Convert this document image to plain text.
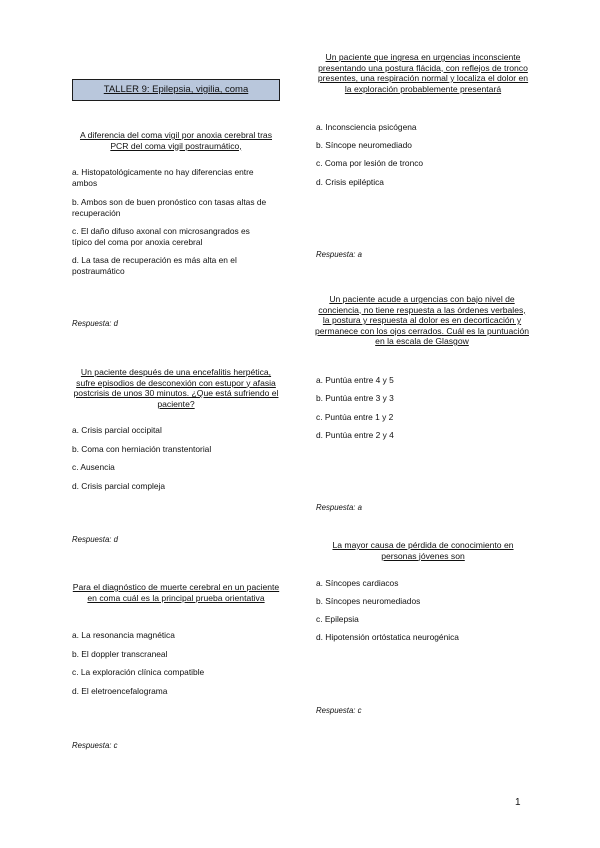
TALLER 9: Epilepsia, vigilia, coma
A diferencia del coma vigil por anoxia cerebral tras PCR del coma vigil postraumático,
a. Histopatológicamente no hay diferencias entre ambos
b. Ambos son de buen pronóstico con tasas altas de recuperación
c. El daño difuso axonal con microsangrados es típico del coma por anoxia cerebral
d. La tasa de recuperación es más alta en el postraumático
Respuesta: d
Un paciente después de una encefalitis herpética, sufre episodios de desconexión con estupor y afasia postcrisis de unos 30 minutos. ¿Que está sufriendo el paciente?
a. Crisis parcial occipital
b. Coma con herniación transtentorial
c. Ausencia
d. Crisis parcial compleja
Respuesta: d
Para el diagnóstico de muerte cerebral en un paciente en coma cuál es la principal prueba orientativa
a. La resonancia magnética
b. El doppler transcraneal
c. La exploración clínica compatible
d. El eletroencefalograma
Respuesta: c
Un paciente que ingresa en urgencias inconsciente presentando una postura flácida, con reflejos de tronco presentes, una respiración normal y localiza el dolor en la exploración probablemente presentará
a. Inconsciencia psicógena
b. Síncope neuromediado
c. Coma por lesión de tronco
d. Crisis epiléptica
Respuesta: a
Un paciente acude a urgencias con bajo nivel de conciencia, no tiene respuesta a las órdenes verbales, la postura y respuesta al dolor es en decorticación y permanece con los ojos cerrados. Cuál es la puntuación en la escala de Glasgow
a. Puntúa entre 4 y 5
b. Puntúa entre 3 y 3
c. Puntúa entre 1 y 2
d. Puntúa entre 2 y 4
Respuesta: a
La mayor causa de pérdida de conocimiento en personas jóvenes son
a. Síncopes cardiacos
b. Síncopes neuromediados
c. Epilepsia
d. Hipotensión ortóstatica neurogénica
Respuesta: c
1
